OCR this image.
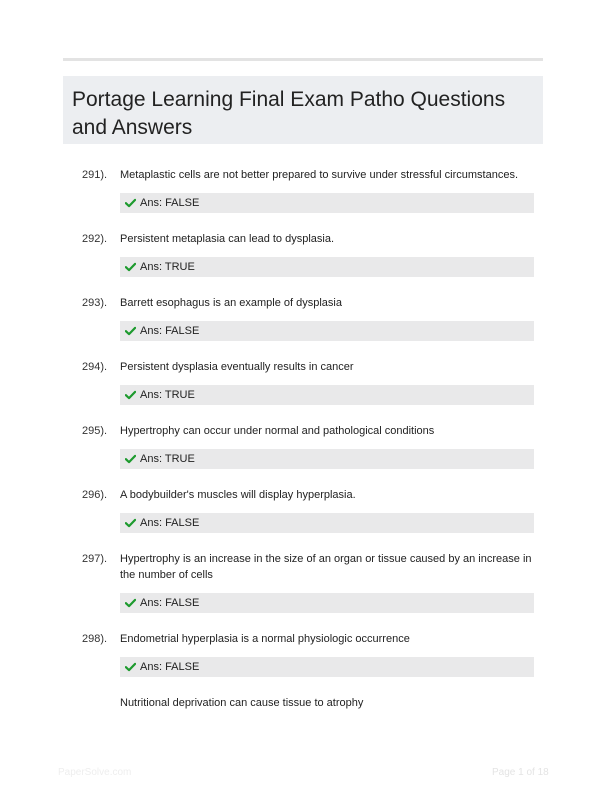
Portage Learning Final Exam Patho Questions and Answers
291).	Metaplastic cells are not better prepared to survive under stressful circumstances.
Ans: FALSE
292).	Persistent metaplasia can lead to dysplasia.
Ans: TRUE
293).	Barrett esophagus is an example of dysplasia
Ans: FALSE
294).	Persistent dysplasia eventually results in cancer
Ans: TRUE
295).	Hypertrophy can occur under normal and pathological conditions
Ans: TRUE
296).	A bodybuilder's muscles will display hyperplasia.
Ans: FALSE
297).	Hypertrophy is an increase in the size of an organ or tissue caused by an increase in the number of cells
Ans: FALSE
298).	Endometrial hyperplasia is a normal physiologic occurrence
Ans: FALSE
Nutritional deprivation can cause tissue to atrophy
PaperSolve.com	Page 1 of 18
